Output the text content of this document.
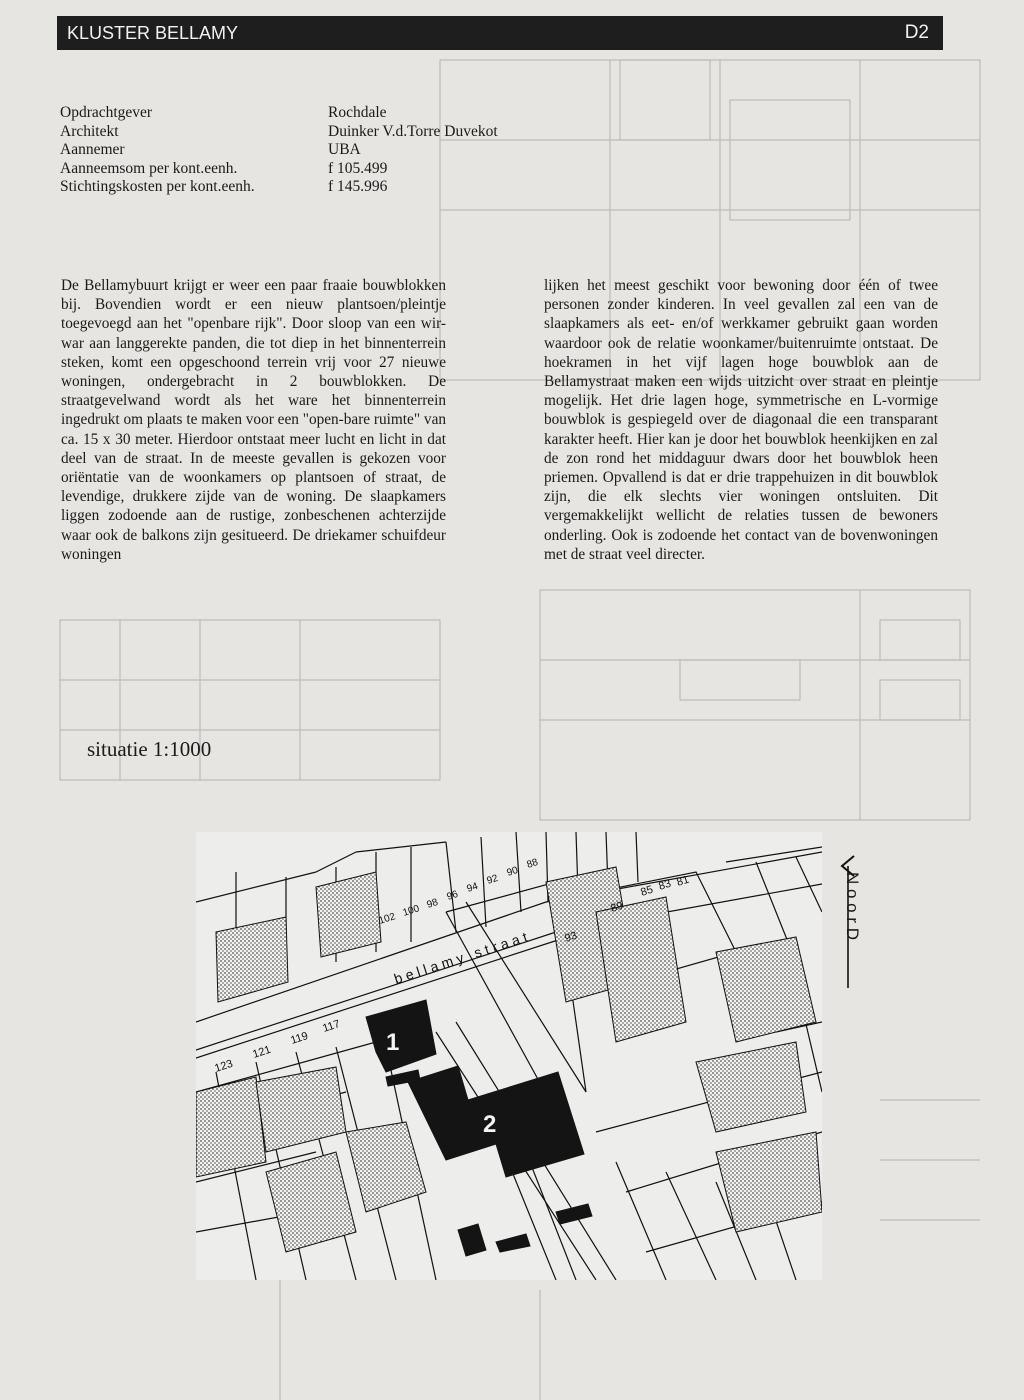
KLUSTER BELLAMY	D2
Opdrachtgever	Rochdale
Architekt	Duinker V.d.Torre Duvekot
Aannemer	UBA
Aanneemsom per kont.eenh.	f 105.499
Stichtingskosten per kont.eenh.	f 145.996
De Bellamybuurt krijgt er weer een paar fraaie bouwblokken bij. Bovendien wordt er een nieuw plantsoen/pleintje toegevoegd aan het "openbare rijk". Door sloop van een wir-war aan langgerekte panden, die tot diep in het binnenterrein steken, komt een opgeschoond terrein vrij voor 27 nieuwe woningen, ondergebracht in 2 bouwblokken. De straatgevelwand wordt als het ware het binnenterrein ingedrukt om plaats te maken voor een "open-bare ruimte" van ca. 15 x 30 meter. Hierdoor ontstaat meer lucht en licht in dat deel van de straat. In de meeste gevallen is gekozen voor oriëntatie van de woonkamers op plantsoen of straat, de levendige, drukkere zijde van de woning. De slaapkamers liggen zodoende aan de rustige, zonbeschenen achterzijde waar ook de balkons zijn gesitueerd. De driekamer schuifdeur woningen
lijken het meest geschikt voor bewoning door één of twee personen zonder kinderen. In veel gevallen zal een van de slaapkamers als eet- en/of werkkamer gebruikt gaan worden waardoor ook de relatie woonkamer/buitenruimte ontstaat. De hoekramen in het vijf lagen hoge bouwblok aan de Bellamystraat maken een wijds uitzicht over straat en pleintje mogelijk. Het drie lagen hoge, symmetrische en L-vormige bouwblok is gespiegeld over de diagonaal die een transparant karakter heeft. Hier kan je door het bouwblok heenkijken en zal de zon rond het middaguur dwars door het bouwblok heen priemen. Opvallend is dat er drie trappehuizen in dit bouwblok zijn, die elk slechts vier woningen ontsluiten. Dit vergemakkelijkt wellicht de relaties tussen de bewoners onderling. Ook is zodoende het contact van de bovenwoningen met de straat veel directer.
situatie 1:1000
bellamy straat
1
2
93
89
85 83 81
117
119
121
123
102
100 98
96
94
92
90
88
N o o r D
